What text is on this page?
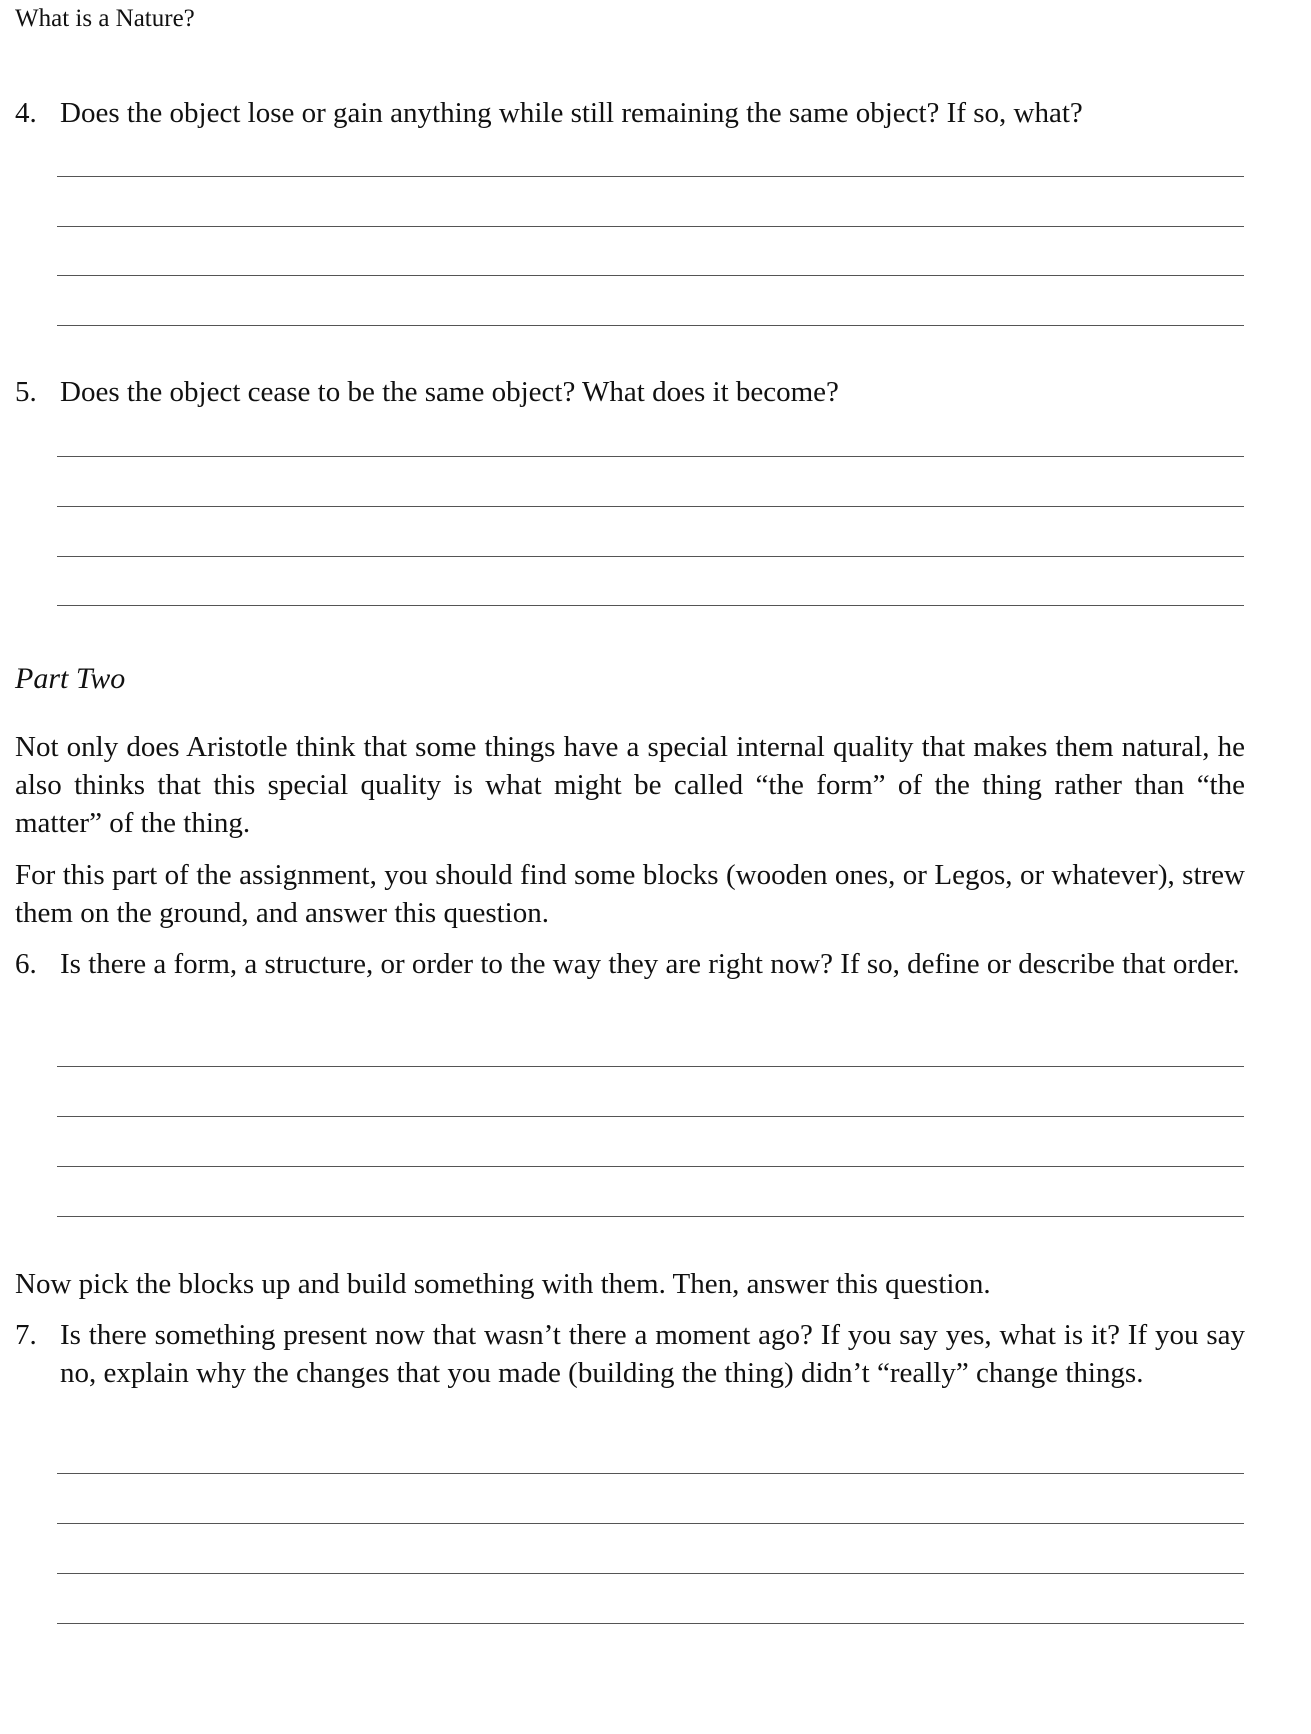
What is a Nature?
4. Does the object lose or gain anything while still remaining the same object? If so, what?
5. Does the object cease to be the same object? What does it become?
Part Two
Not only does Aristotle think that some things have a special internal quality that makes them natural, he also thinks that this special quality is what might be called “the form” of the thing rather than “the matter” of the thing.
For this part of the assignment, you should find some blocks (wooden ones, or Legos, or whatever), strew them on the ground, and answer this question.
6. Is there a form, a structure, or order to the way they are right now? If so, define or describe that order.
Now pick the blocks up and build something with them. Then, answer this question.
7. Is there something present now that wasn’t there a moment ago? If you say yes, what is it? If you say no, explain why the changes that you made (building the thing) didn’t “really” change things.
